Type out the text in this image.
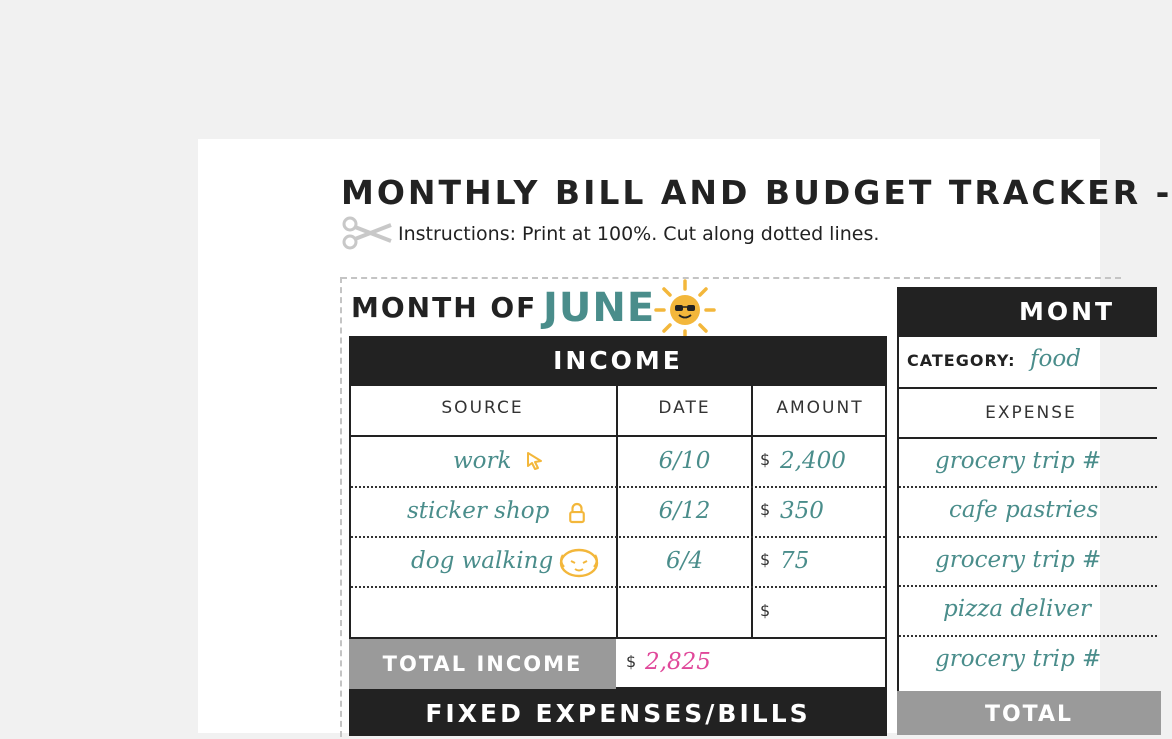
MONTHLY BILL AND BUDGET TRACKER -
Instructions: Print at 100%. Cut along dotted lines.
MONTH OF JUNE
INCOME
SOURCE	DATE	AMOUNT
work	6/10	$ 2,400
sticker shop	6/12	$ 350
dog walking	6/4	$ 75
$
TOTAL INCOME	$ 2,825
FIXED EXPENSES/BILLS
MONT
CATEGORY: food
EXPENSE
grocery trip #
cafe pastries
grocery trip #
pizza deliver
grocery trip #
TOTAL
